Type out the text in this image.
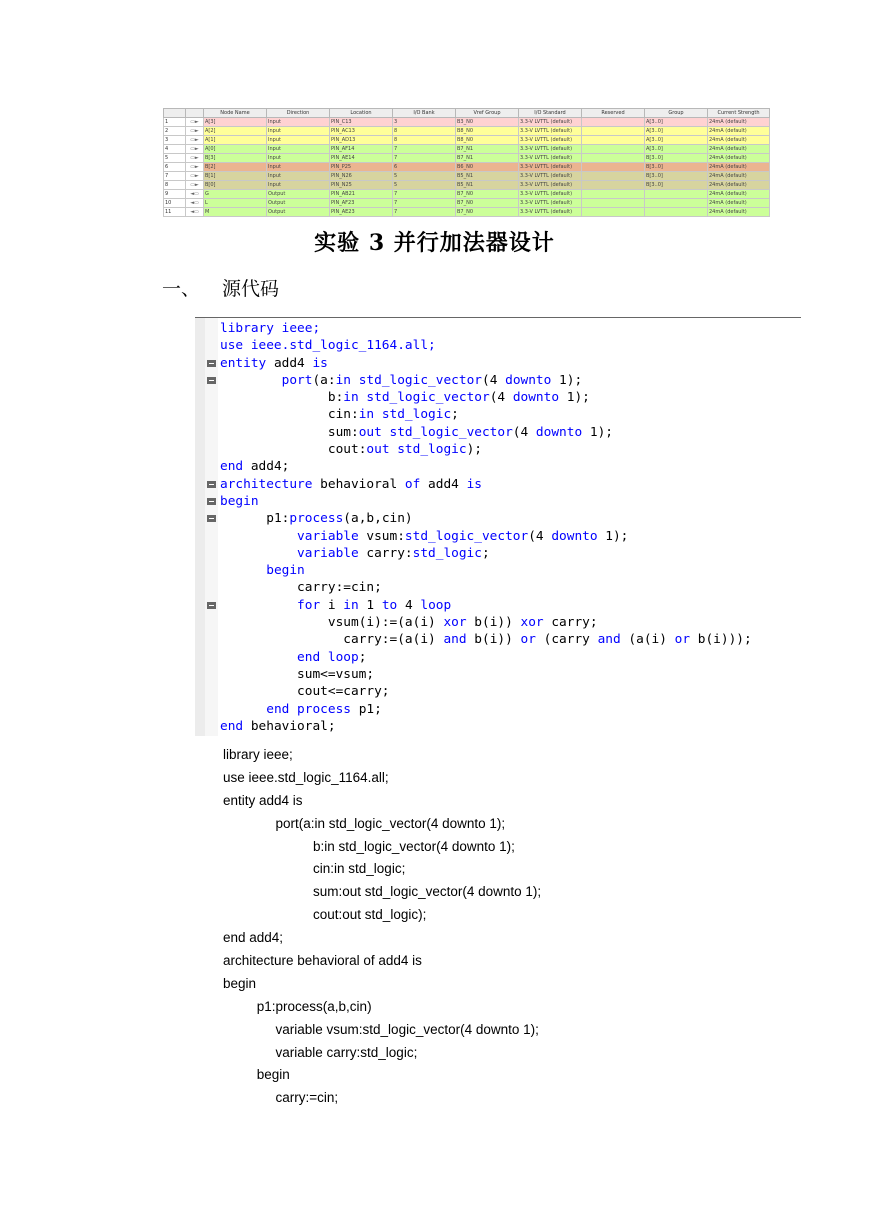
		Node Name	Direction	Location	I/O Bank	Vref Group	I/O Standard	Reserved	Group	Current Strength
1	▭►	A[3]	Input	PIN_C13	3	B3_N0	3.3-V LVTTL (default)		A[3..0]	24mA (default)
2	▭►	A[2]	Input	PIN_AC13	8	B8_N0	3.3-V LVTTL (default)		A[3..0]	24mA (default)
3	▭►	A[1]	Input	PIN_AD13	8	B8_N0	3.3-V LVTTL (default)		A[3..0]	24mA (default)
4	▭►	A[0]	Input	PIN_AF14	7	B7_N1	3.3-V LVTTL (default)		A[3..0]	24mA (default)
5	▭►	B[3]	Input	PIN_AE14	7	B7_N1	3.3-V LVTTL (default)		B[3..0]	24mA (default)
6	▭►	B[2]	Input	PIN_P25	6	B6_N0	3.3-V LVTTL (default)		B[3..0]	24mA (default)
7	▭►	B[1]	Input	PIN_N26	5	B5_N1	3.3-V LVTTL (default)		B[3..0]	24mA (default)
8	▭►	B[0]	Input	PIN_N25	5	B5_N1	3.3-V LVTTL (default)		B[3..0]	24mA (default)
9	◄▭	G	Output	PIN_AB21	7	B7_N0	3.3-V LVTTL (default)			24mA (default)
10	◄▭	L	Output	PIN_AF23	7	B7_N0	3.3-V LVTTL (default)			24mA (default)
11	◄▭	M	Output	PIN_AE23	7	B7_N0	3.3-V LVTTL (default)			24mA (default)
实验 3 并行加法器设计
一、 源代码
library ieee;
use ieee.std_logic_1164.all;
entity add4 is
port(a:in std_logic_vector(4 downto 1);
b:in std_logic_vector(4 downto 1);
cin:in std_logic;
sum:out std_logic_vector(4 downto 1);
cout:out std_logic);
end add4;
architecture behavioral of add4 is
begin
p1:process(a,b,cin)
variable vsum:std_logic_vector(4 downto 1);
variable carry:std_logic;
begin
carry:=cin;
for i in 1 to 4 loop
vsum(i):=(a(i) xor b(i)) xor carry;
carry:=(a(i) and b(i)) or (carry and (a(i) or b(i)));
end loop;
sum<=vsum;
cout<=carry;
end process p1;
end behavioral;
library ieee;
use ieee.std_logic_1164.all;
entity add4 is
port(a:in std_logic_vector(4 downto 1);
b:in std_logic_vector(4 downto 1);
cin:in std_logic;
sum:out std_logic_vector(4 downto 1);
cout:out std_logic);
end add4;
architecture behavioral of add4 is
begin
p1:process(a,b,cin)
variable vsum:std_logic_vector(4 downto 1);
variable carry:std_logic;
begin
carry:=cin;
